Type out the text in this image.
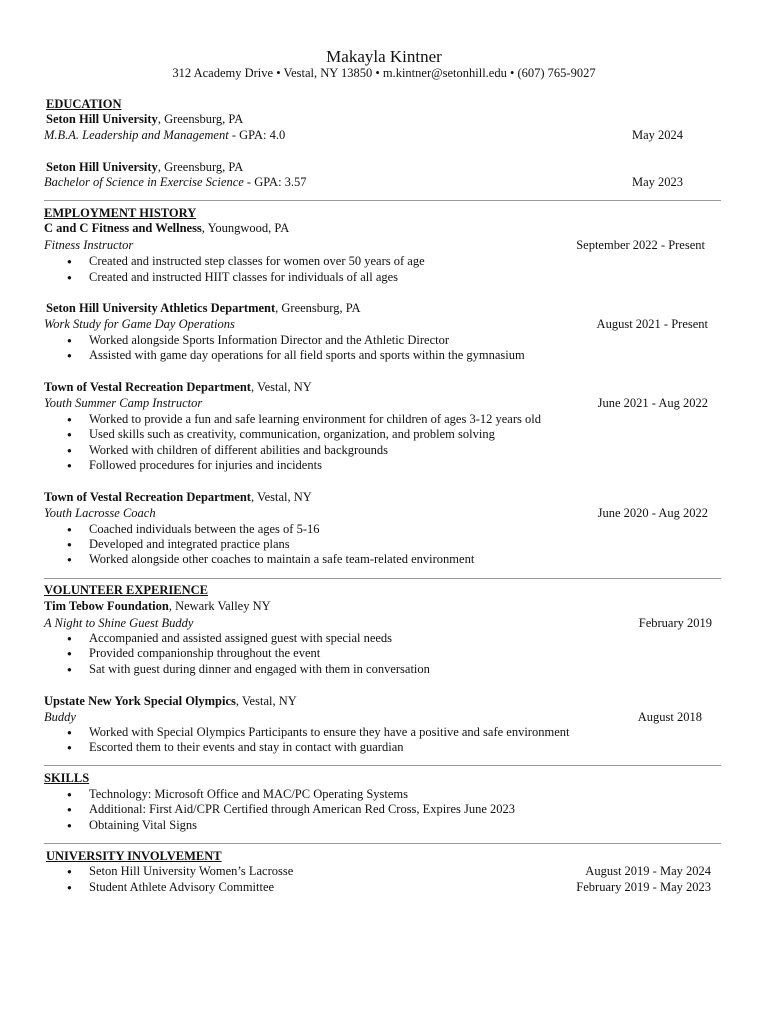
Makayla Kintner
312 Academy Drive • Vestal, NY 13850 • m.kintner@setonhill.edu • (607) 765-9027
EDUCATION
Seton Hill University, Greensburg, PA
M.B.A. Leadership and Management - GPA: 4.0	May 2024
Seton Hill University, Greensburg, PA
Bachelor of Science in Exercise Science - GPA: 3.57	May 2023
EMPLOYMENT HISTORY
C and C Fitness and Wellness, Youngwood, PA
Fitness Instructor	September 2022 - Present
● Created and instructed step classes for women over 50 years of age
● Created and instructed HIIT classes for individuals of all ages
Seton Hill University Athletics Department, Greensburg, PA
Work Study for Game Day Operations	August 2021 - Present
● Worked alongside Sports Information Director and the Athletic Director
● Assisted with game day operations for all field sports and sports within the gymnasium
Town of Vestal Recreation Department, Vestal, NY
Youth Summer Camp Instructor	June 2021 - Aug 2022
● Worked to provide a fun and safe learning environment for children of ages 3-12 years old
● Used skills such as creativity, communication, organization, and problem solving
● Worked with children of different abilities and backgrounds
● Followed procedures for injuries and incidents
Town of Vestal Recreation Department, Vestal, NY
Youth Lacrosse Coach	June 2020 - Aug 2022
● Coached individuals between the ages of 5-16
● Developed and integrated practice plans
● Worked alongside other coaches to maintain a safe team-related environment
VOLUNTEER EXPERIENCE
Tim Tebow Foundation, Newark Valley NY
A Night to Shine Guest Buddy	February 2019
● Accompanied and assisted assigned guest with special needs
● Provided companionship throughout the event
● Sat with guest during dinner and engaged with them in conversation
Upstate New York Special Olympics, Vestal, NY
Buddy	August 2018
● Worked with Special Olympics Participants to ensure they have a positive and safe environment
● Escorted them to their events and stay in contact with guardian
SKILLS
● Technology: Microsoft Office and MAC/PC Operating Systems
● Additional: First Aid/CPR Certified through American Red Cross, Expires June 2023
● Obtaining Vital Signs
UNIVERSITY INVOLVEMENT
● Seton Hill University Women’s Lacrosse	August 2019 - May 2024
● Student Athlete Advisory Committee	February 2019 - May 2023
